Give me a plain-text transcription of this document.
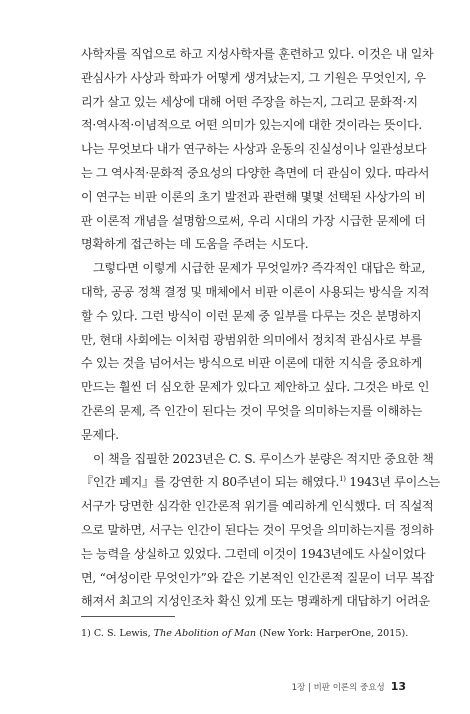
사학자를 직업으로 하고 지성사학자를 훈련하고 있다. 이것은 내 일차
관심사가 사상과 학파가 어떻게 생겨났는지, 그 기원은 무엇인지, 우
리가 살고 있는 세상에 대해 어떤 주장을 하는지, 그리고 문화적·지
적·역사적·이념적으로 어떤 의미가 있는지에 대한 것이라는 뜻이다.
나는 무엇보다 내가 연구하는 사상과 운동의 진실성이나 일관성보다
는 그 역사적·문화적 중요성의 다양한 측면에 더 관심이 있다. 따라서
이 연구는 비판 이론의 초기 발전과 관련해 몇몇 선택된 사상가의 비
판 이론적 개념을 설명함으로써, 우리 시대의 가장 시급한 문제에 더
명확하게 접근하는 데 도움을 주려는 시도다.
그렇다면 이렇게 시급한 문제가 무엇일까? 즉각적인 대답은 학교,
대학, 공공 정책 결정 및 매체에서 비판 이론이 사용되는 방식을 지적
할 수 있다. 그런 방식이 이런 문제 중 일부를 다루는 것은 분명하지
만, 현대 사회에는 이처럼 광범위한 의미에서 정치적 관심사로 부를
수 있는 것을 넘어서는 방식으로 비판 이론에 대한 지식을 중요하게
만드는 훨씬 더 심오한 문제가 있다고 제안하고 싶다. 그것은 바로 인
간론의 문제, 즉 인간이 된다는 것이 무엇을 의미하는지를 이해하는
문제다.
이 책을 집필한 2023년은 C. S. 루이스가 분량은 적지만 중요한 책
『인간 폐지』를 강연한 지 80주년이 되는 해였다.$^{1)}$ 1943년 루이스는
서구가 당면한 심각한 인간론적 위기를 예리하게 인식했다. 더 직설적
으로 말하면, 서구는 인간이 된다는 것이 무엇을 의미하는지를 정의하
는 능력을 상실하고 있었다. 그런데 이것이 1943년에도 사실이었다
면, “여성이란 무엇인가”와 같은 기본적인 인간론적 질문이 너무 복잡
해져서 최고의 지성인조차 확신 있게 또는 명쾌하게 대답하기 어려운
1) C. S. Lewis, The Abolition of Man (New York: HarperOne, 2015).
1장 | 비판 이론의 중요성 13
